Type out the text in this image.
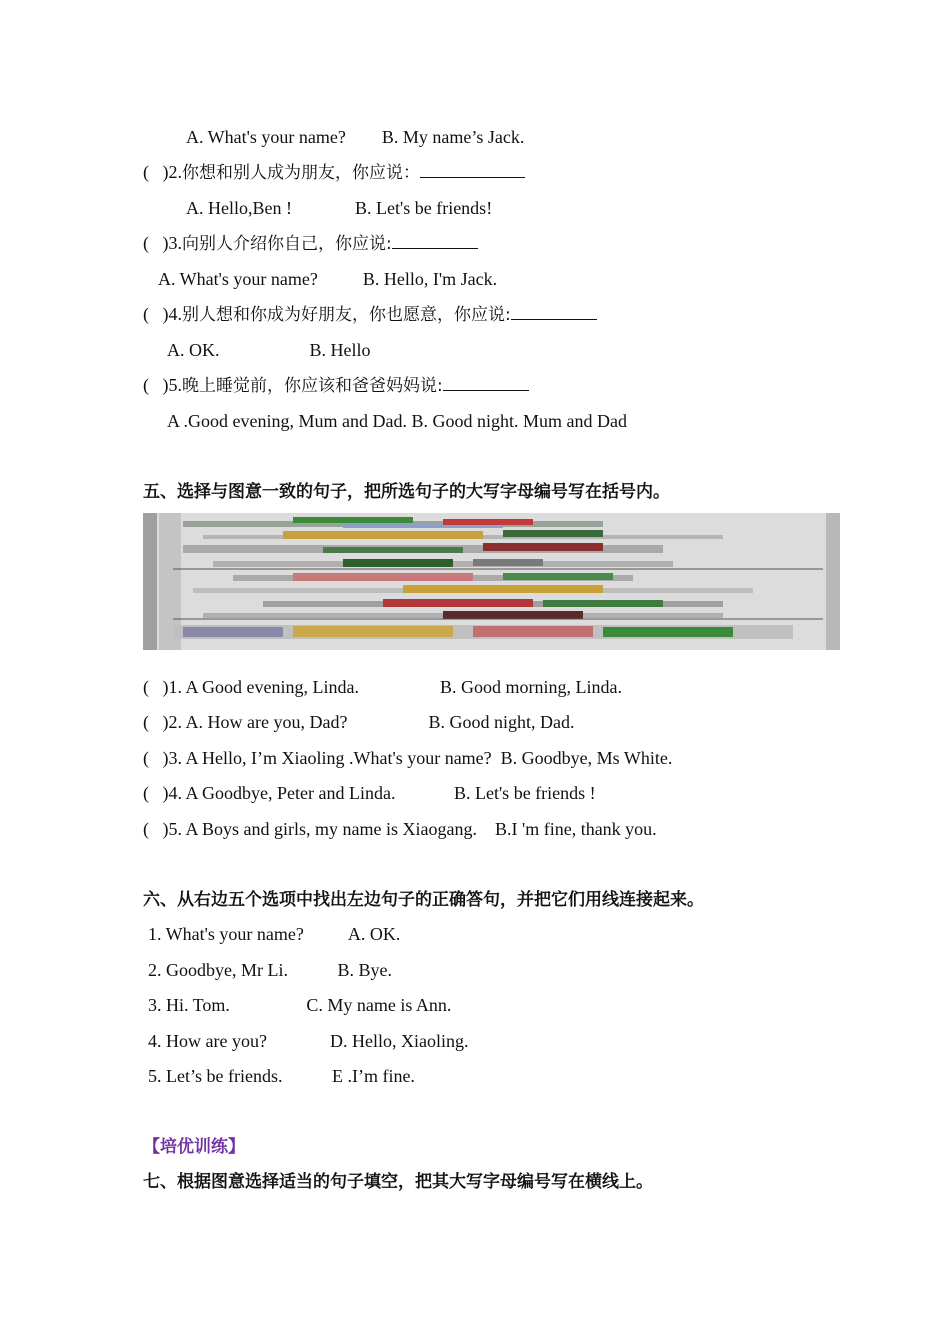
A. What's your name?        B. My name’s Jack.
(   )2.你想和别人成为朋友，你应说：
A. Hello,Ben !              B. Let's be friends!
(   )3.向别人介绍你自己，你应说:
A. What's your name?          B. Hello, I'm Jack.
(   )4.别人想和你成为好朋友，你也愿意，你应说:
A. OK.                    B. Hello
(   )5.晚上睡觉前，你应该和爸爸妈妈说:
A .Good evening, Mum and Dad. B. Good night. Mum and Dad
五、选择与图意一致的句子，把所选句子的大写字母编号写在括号内。
(   )1. A Good evening, Linda.                  B. Good morning, Linda.
(   )2. A. How are you, Dad?                  B. Good night, Dad.
(   )3. A Hello, I’m Xiaoling .What's your name?  B. Goodbye, Ms White.
(   )4. A Goodbye, Peter and Linda.             B. Let's be friends !
(   )5. A Boys and girls, my name is Xiaogang.    B.I 'm fine, thank you.
六、从右边五个选项中找出左边句子的正确答句，并把它们用线连接起来。
1. What's your name?          A. OK.
2. Goodbye, Mr Li.           B. Bye.
3. Hi. Tom.                 C. My name is Ann.
4. How are you?              D. Hello, Xiaoling.
5. Let’s be friends.           E .I’m fine.
【培优训练】
七、根据图意选择适当的句子填空，把其大写字母编号写在横线上。
